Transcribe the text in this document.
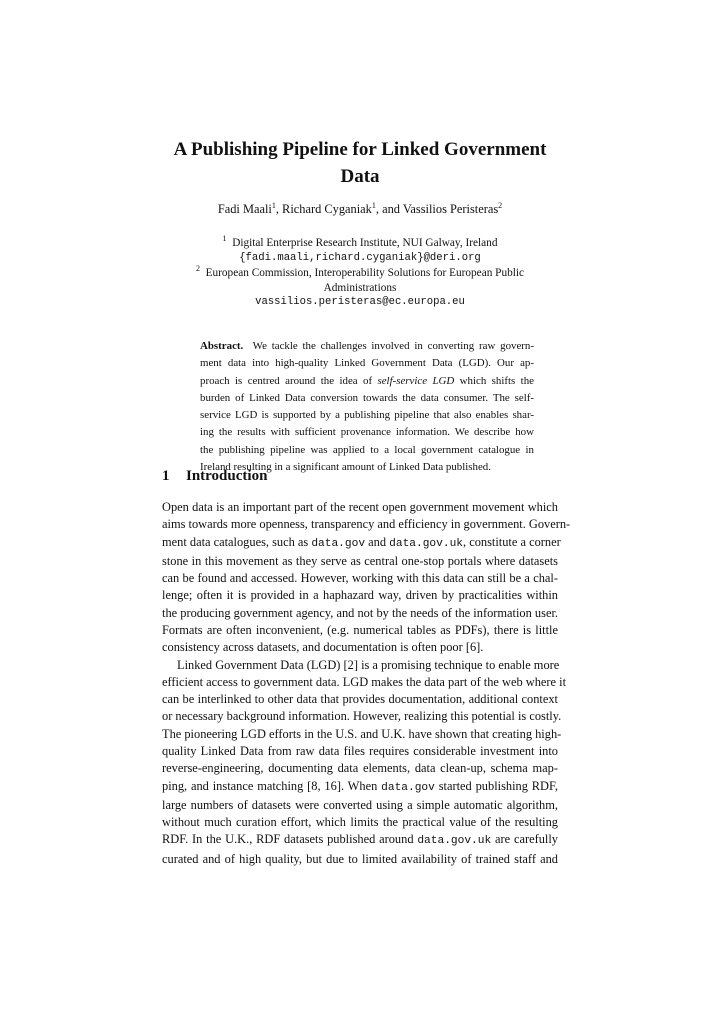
A Publishing Pipeline for Linked Government
Data
Fadi Maali$^1$, Richard Cyganiak$^1$, and Vassilios Peristeras$^2$
$^1$ Digital Enterprise Research Institute, NUI Galway, Ireland
{fadi.maali,richard.cyganiak}@deri.org
$^2$ European Commission, Interoperability Solutions for European Public
Administrations
vassilios.peristeras@ec.europa.eu
Abstract. We tackle the challenges involved in converting raw govern-
ment data into high-quality Linked Government Data (LGD). Our ap-
proach is centred around the idea of self-service LGD which shifts the
burden of Linked Data conversion towards the data consumer. The self-
service LGD is supported by a publishing pipeline that also enables shar-
ing the results with sufficient provenance information. We describe how
the publishing pipeline was applied to a local government catalogue in
Ireland resulting in a significant amount of Linked Data published.
1 Introduction
Open data is an important part of the recent open government movement which
aims towards more openness, transparency and efficiency in government. Govern-
ment data catalogues, such as data.gov and data.gov.uk, constitute a corner
stone in this movement as they serve as central one-stop portals where datasets
can be found and accessed. However, working with this data can still be a chal-
lenge; often it is provided in a haphazard way, driven by practicalities within
the producing government agency, and not by the needs of the information user.
Formats are often inconvenient, (e.g. numerical tables as PDFs), there is little
consistency across datasets, and documentation is often poor [6].
Linked Government Data (LGD) [2] is a promising technique to enable more
efficient access to government data. LGD makes the data part of the web where it
can be interlinked to other data that provides documentation, additional context
or necessary background information. However, realizing this potential is costly.
The pioneering LGD efforts in the U.S. and U.K. have shown that creating high-
quality Linked Data from raw data files requires considerable investment into
reverse-engineering, documenting data elements, data clean-up, schema map-
ping, and instance matching [8, 16]. When data.gov started publishing RDF,
large numbers of datasets were converted using a simple automatic algorithm,
without much curation effort, which limits the practical value of the resulting
RDF. In the U.K., RDF datasets published around data.gov.uk are carefully
curated and of high quality, but due to limited availability of trained staff and
